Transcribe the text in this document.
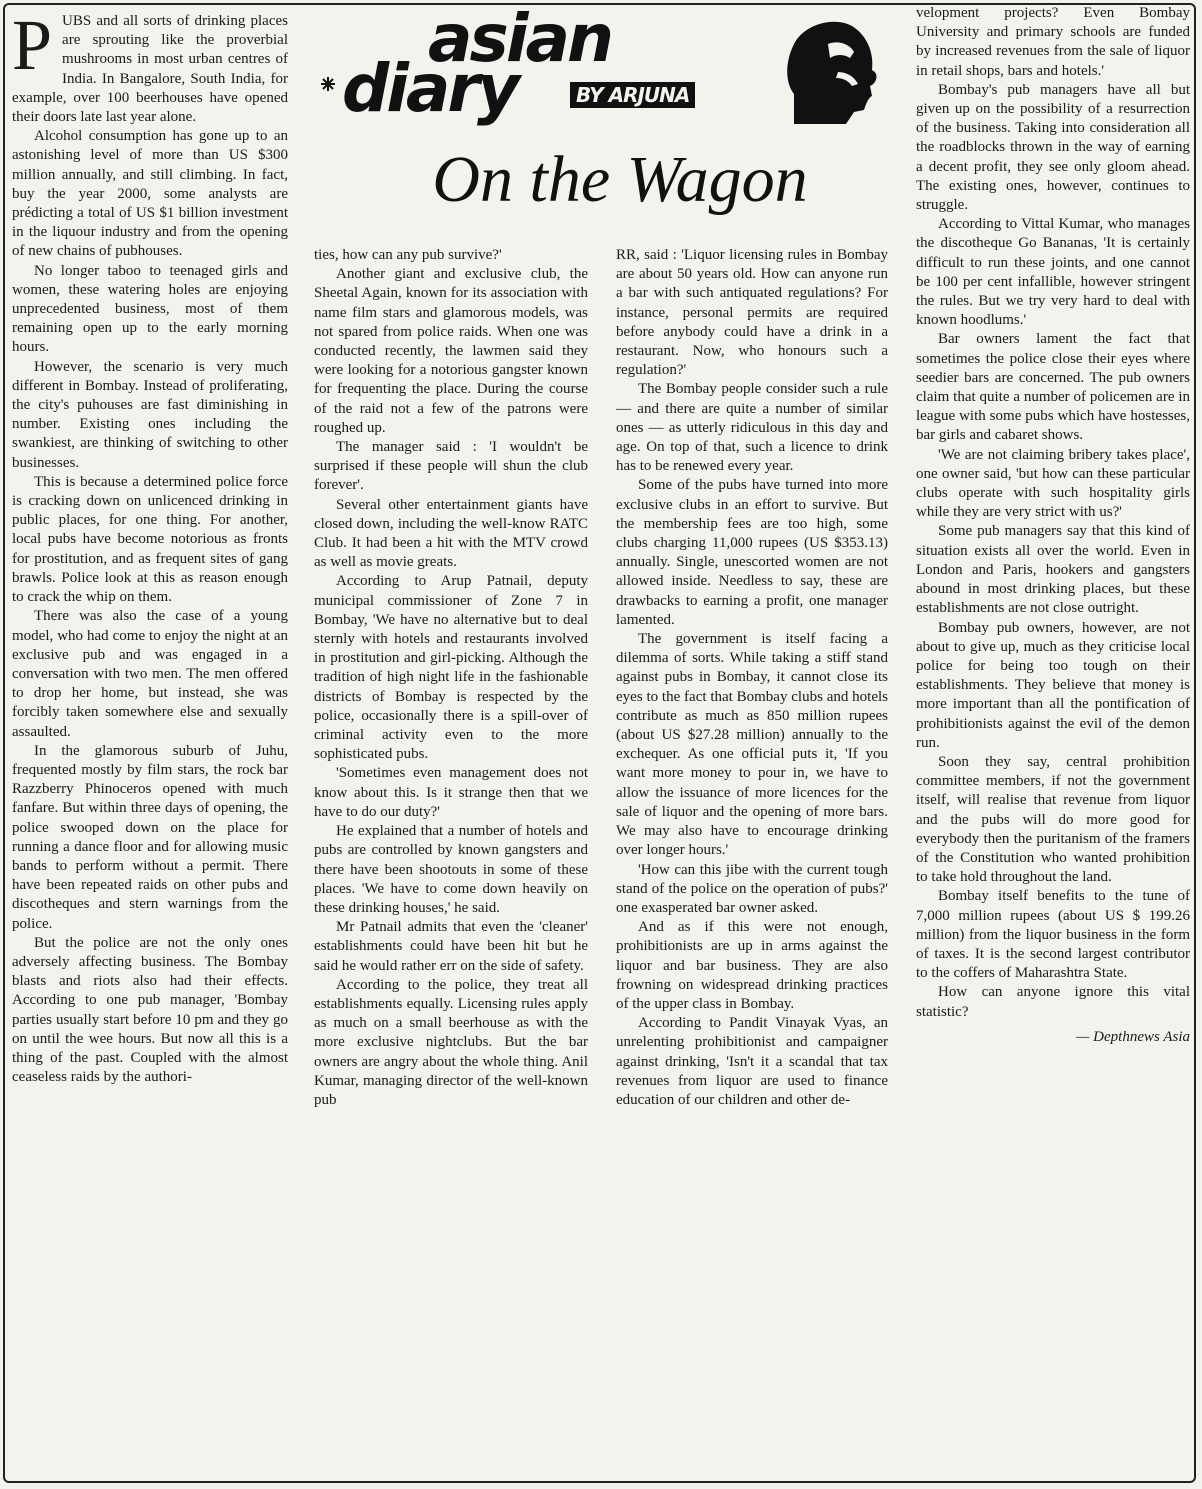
asian
diary	BY ARJUNA
On the Wagon

PUBS and all sorts of drinking places are sprouting like the proverbial mushrooms in most urban centres of India. In Bangalore, South India, for example, over 100 beerhouses have opened their doors late last year alone.

Alcohol consumption has gone up to an astonishing level of more than US $300 million annually, and still climbing. In fact, buy the year 2000, some analysts are prédicting a total of US $1 billion investment in the liquour industry and from the opening of new chains of pubhouses.

No longer taboo to teenaged girls and women, these watering holes are enjoying unprecedented business, most of them remaining open up to the early morning hours.

However, the scenario is very much different in Bombay. Instead of proliferating, the city's puhouses are fast diminishing in number. Existing ones including the swankiest, are thinking of switching to other businesses.

This is because a determined police force is cracking down on unlicenced drinking in public places, for one thing. For another, local pubs have become notorious as fronts for prostitution, and as frequent sites of gang brawls. Police look at this as reason enough to crack the whip on them.

There was also the case of a young model, who had come to enjoy the night at an exclusive pub and was engaged in a conversation with two men. The men offered to drop her home, but instead, she was forcibly taken somewhere else and sexually assaulted.

In the glamorous suburb of Juhu, frequented mostly by film stars, the rock bar Razzberry Phinoceros opened with much fanfare. But within three days of opening, the police swooped down on the place for running a dance floor and for allowing music bands to perform without a permit. There have been repeated raids on other pubs and discotheques and stern warnings from the police.

But the police are not the only ones adversely affecting business. The Bombay blasts and riots also had their effects. According to one pub manager, 'Bombay parties usually start before 10 pm and they go on until the wee hours. But now all this is a thing of the past. Coupled with the almost ceaseless raids by the authori-

ties, how can any pub survive?'

Another giant and exclusive club, the Sheetal Again, known for its association with name film stars and glamorous models, was not spared from police raids. When one was conducted recently, the lawmen said they were looking for a notorious gangster known for frequenting the place. During the course of the raid not a few of the patrons were roughed up.

The manager said : 'I wouldn't be surprised if these people will shun the club forever'.

Several other entertainment giants have closed down, including the well-know RATC Club. It had been a hit with the MTV crowd as well as movie greats.

According to Arup Patnail, deputy municipal commissioner of Zone 7 in Bombay, 'We have no alternative but to deal sternly with hotels and restaurants involved in prostitution and girl-picking. Although the tradition of high night life in the fashionable districts of Bombay is respected by the police, occasionally there is a spill-over of criminal activity even to the more sophisticated pubs.

'Sometimes even management does not know about this. Is it strange then that we have to do our duty?'

He explained that a number of hotels and pubs are controlled by known gangsters and there have been shootouts in some of these places. 'We have to come down heavily on these drinking houses,' he said.

Mr Patnail admits that even the 'cleaner' establishments could have been hit but he said he would rather err on the side of safety.

According to the police, they treat all establishments equally. Licensing rules apply as much on a small beerhouse as with the more exclusive nightclubs. But the bar owners are angry about the whole thing. Anil Kumar, managing director of the well-known pub

RR, said : 'Liquor licensing rules in Bombay are about 50 years old. How can anyone run a bar with such antiquated regulations? For instance, personal permits are required before anybody could have a drink in a restaurant. Now, who honours such a regulation?'

The Bombay people consider such a rule — and there are quite a number of similar ones — as utterly ridiculous in this day and age. On top of that, such a licence to drink has to be renewed every year.

Some of the pubs have turned into more exclusive clubs in an effort to survive. But the membership fees are too high, some clubs charging 11,000 rupees (US $353.13) annually. Single, unescorted women are not allowed inside. Needless to say, these are drawbacks to earning a profit, one manager lamented.

The government is itself facing a dilemma of sorts. While taking a stiff stand against pubs in Bombay, it cannot close its eyes to the fact that Bombay clubs and hotels contribute as much as 850 million rupees (about US $27.28 million) annually to the exchequer. As one official puts it, 'If you want more money to pour in, we have to allow the issuance of more licences for the sale of liquor and the opening of more bars. We may also have to encourage drinking over longer hours.'

'How can this jibe with the current tough stand of the police on the operation of pubs?' one exasperated bar owner asked.

And as if this were not enough, prohibitionists are up in arms against the liquor and bar business. They are also frowning on widespread drinking practices of the upper class in Bombay.

According to Pandit Vinayak Vyas, an unrelenting prohibitionist and campaigner against drinking, 'Isn't it a scandal that tax revenues from liquor are used to finance education of our children and other de-

velopment projects? Even Bombay University and primary schools are funded by increased revenues from the sale of liquor in retail shops, bars and hotels.'

Bombay's pub managers have all but given up on the possibility of a resurrection of the business. Taking into consideration all the roadblocks thrown in the way of earning a decent profit, they see only gloom ahead. The existing ones, however, continues to struggle.

According to Vittal Kumar, who manages the discotheque Go Bananas, 'It is certainly difficult to run these joints, and one cannot be 100 per cent infallible, however stringent the rules. But we try very hard to deal with known hoodlums.'

Bar owners lament the fact that sometimes the police close their eyes where seedier bars are concerned. The pub owners claim that quite a number of policemen are in league with some pubs which have hostesses, bar girls and cabaret shows.

'We are not claiming bribery takes place', one owner said, 'but how can these particular clubs operate with such hospitality girls while they are very strict with us?'

Some pub managers say that this kind of situation exists all over the world. Even in London and Paris, hookers and gangsters abound in most drinking places, but these establishments are not close outright.

Bombay pub owners, however, are not about to give up, much as they criticise local police for being too tough on their establishments. They believe that money is more important than all the pontification of prohibitionists against the evil of the demon run.

Soon they say, central prohibition committee members, if not the government itself, will realise that revenue from liquor and the pubs will do more good for everybody then the puritanism of the framers of the Constitution who wanted prohibition to take hold throughout the land.

Bombay itself benefits to the tune of 7,000 million rupees (about US $ 199.26 million) from the liquor business in the form of taxes. It is the second largest contributor to the coffers of Maharashtra State.

How can anyone ignore this vital statistic?

— Depthnews Asia
